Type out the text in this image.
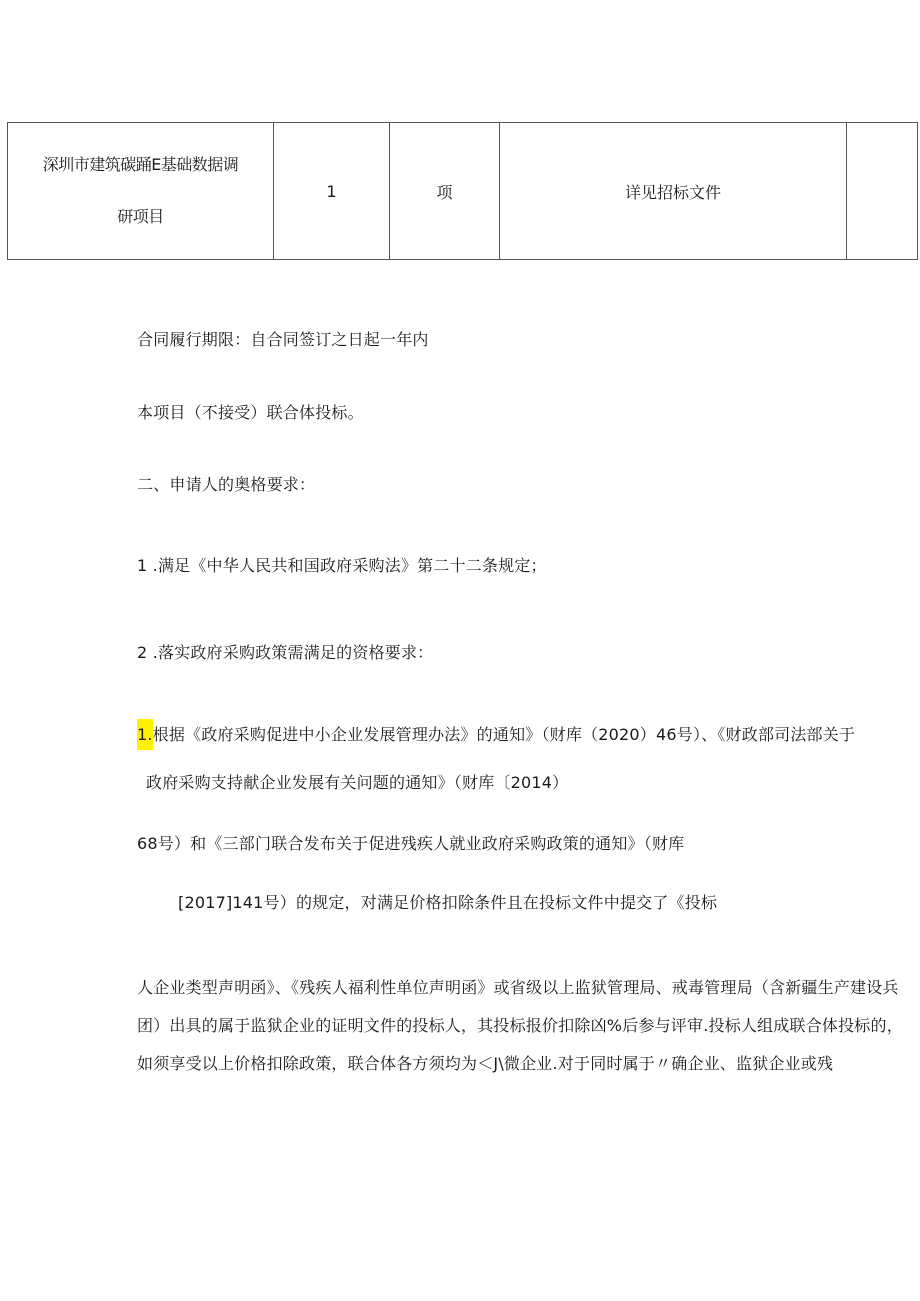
深圳市建筑碳踊E基础数据调
研项目
	1	项	详见招标文件	
合同履行期限：自合同签订之日起一年内
本项目（不接受）联合体投标。
二、申请人的奥格要求：
1 .满足《中华人民共和国政府采购法》第二十二条规定；
2 .落实政府采购政策需满足的资格要求：
1.根据《政府采购促进中小企业发展管理办法》的通知》（财库（2020）46号）、《财政部司法部关于
政府采购支持献企业发展有关问题的通知》（财库〔2014）
68号）和《三部门联合发布关于促进残疾人就业政府采购政策的通知》（财库
[2017]141号）的规定，对满足价格扣除条件且在投标文件中提交了《投标
人企业类型声明函》、《残疾人福利性单位声明函》或省级以上监狱管理局、戒毒管理局（含新疆生产建设兵团）出具的属于监狱企业的证明文件的投标人，其投标报价扣除凶%后参与评审.投标人组成联合体投标的，如须享受以上价格扣除政策，联合体各方须均为＜J\微企业.对于同时属于〃确企业、监狱企业或残
